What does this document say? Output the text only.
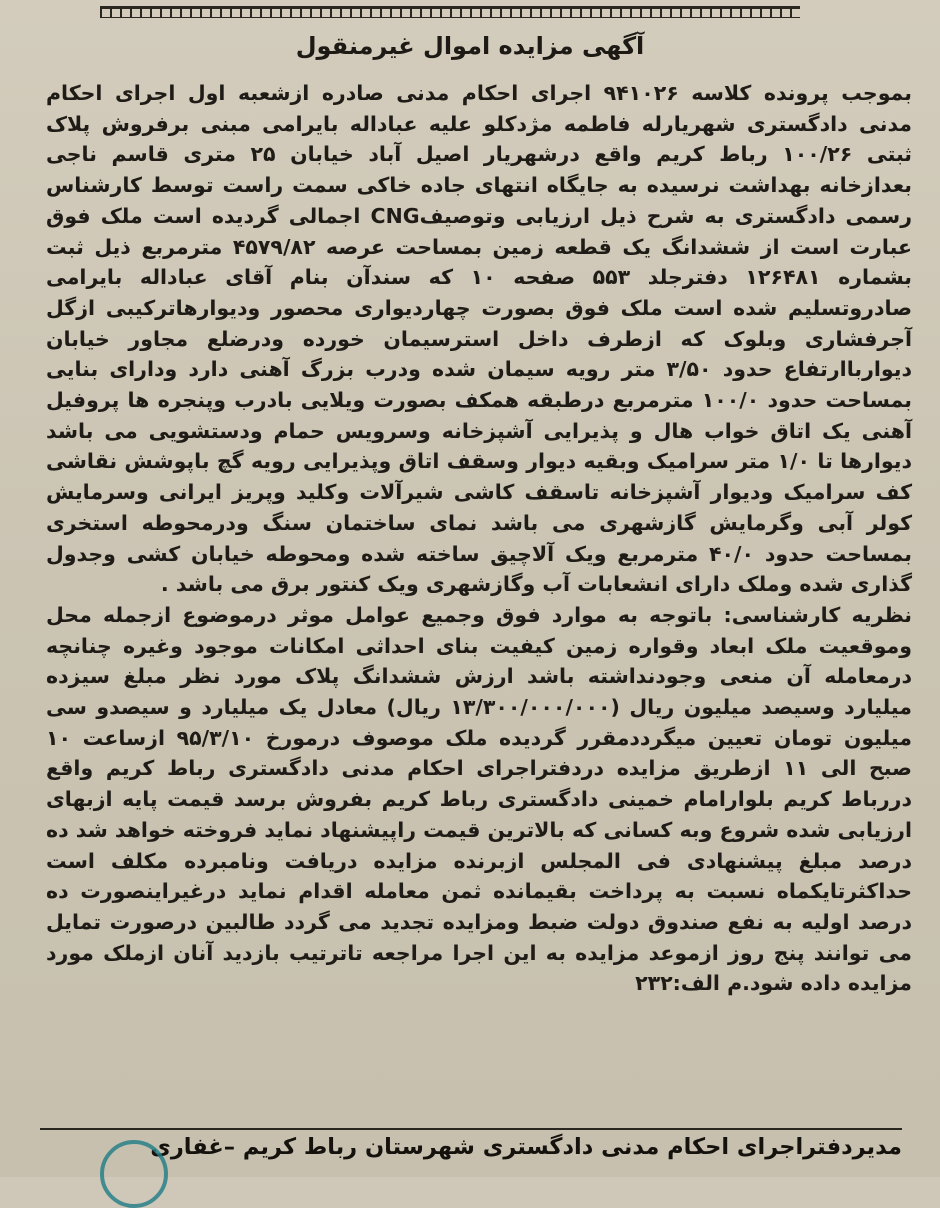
آگهی مزایده اموال غیرمنقول

بموجب پرونده کلاسه ۹۴۱۰۲۶ اجرای احکام مدنی صادره ازشعبه اول اجرای احکام مدنی دادگستری شهریارله فاطمه مژدکلو علیه عباداله بایرامی مبنی برفروش پلاک ثبتی ۱۰۰/۲۶ رباط کریم واقع درشهریار اصیل آباد خیابان ۲۵ متری قاسم ناجی بعدازخانه بهداشت نرسیده به جایگاه انتهای جاده خاکی سمت راست توسط کارشناس رسمی دادگستری به شرح ذیل ارزیابی وتوصیفCNG اجمالی گردیده است ملک فوق عبارت است از ششدانگ یک قطعه زمین بمساحت عرصه ۴۵۷۹/۸۲ مترمربع ذیل ثبت بشماره ۱۲۶۴۸۱ دفترجلد ۵۵۳ صفحه ۱۰ که سندآن بنام آقای عباداله بایرامی صادروتسلیم شده است ملک فوق بصورت چهاردیواری محصور ودیوارهاترکیبی ازگل آجرفشاری وبلوک که ازطرف داخل استرسیمان خورده ودرضلع مجاور خیابان دیوارباارتفاع حدود ۳/۵۰ متر رویه سیمان شده ودرب بزرگ آهنی دارد ودارای بنایی بمساحت حدود ۱۰۰/۰ مترمربع درطبقه همکف بصورت ویلایی بادرب وپنجره ها پروفیل آهنی یک اتاق خواب هال و پذیرایی آشپزخانه وسرویس حمام ودستشویی می باشد دیوارها تا ۱/۰ متر سرامیک وبقیه دیوار وسقف اتاق وپذیرایی رویه گچ باپوشش نقاشی کف سرامیک ودیوار آشپزخانه تاسقف کاشی شیرآلات وکلید وپریز ایرانی وسرمایش کولر آبی وگرمایش گازشهری می باشد نمای ساختمان سنگ ودرمحوطه استخری بمساحت حدود ۴۰/۰ مترمربع ویک آلاچیق ساخته شده ومحوطه خیابان کشی وجدول گذاری شده وملک دارای انشعابات آب وگازشهری ویک کنتور برق می باشد .

نظریه کارشناسی: باتوجه به موارد فوق وجمیع عوامل موثر درموضوع ازجمله محل وموقعیت ملک ابعاد وقواره زمین کیفیت بنای احداثی امکانات موجود وغیره چنانچه درمعامله آن منعی وجودنداشته باشد ارزش ششدانگ پلاک مورد نظر مبلغ سیزده میلیارد وسیصد میلیون ریال (۱۳/۳۰۰/۰۰۰/۰۰۰ ریال) معادل یک میلیارد و سیصدو سی میلیون تومان تعیین میگرددمقرر گردیده ملک موصوف درمورخ ۹۵/۳/۱۰ ازساعت ۱۰ صبح الی ۱۱ ازطریق مزایده دردفتراجرای احکام مدنی دادگستری رباط کریم واقع دررباط کریم بلوارامام خمینی دادگستری رباط کریم بفروش برسد قیمت پایه ازبهای ارزیابی شده شروع وبه کسانی که بالاترین قیمت راپیشنهاد نماید فروخته خواهد شد ده درصد مبلغ پیشنهادی فی المجلس ازبرنده مزایده دریافت ونامبرده مکلف است حداکثرتایکماه نسبت به پرداخت بقیمانده ثمن معامله اقدام نماید درغیراینصورت ده درصد اولیه به نفع صندوق دولت ضبط ومزایده تجدید می گردد طالبین درصورت تمایل می توانند پنج روز ازموعد مزایده به این اجرا مراجعه تاترتیب بازدید آنان ازملک مورد مزایده داده شود.م الف:۲۳۲

مدیردفتراجرای احکام مدنی دادگستری شهرستان رباط کریم –غفاری
